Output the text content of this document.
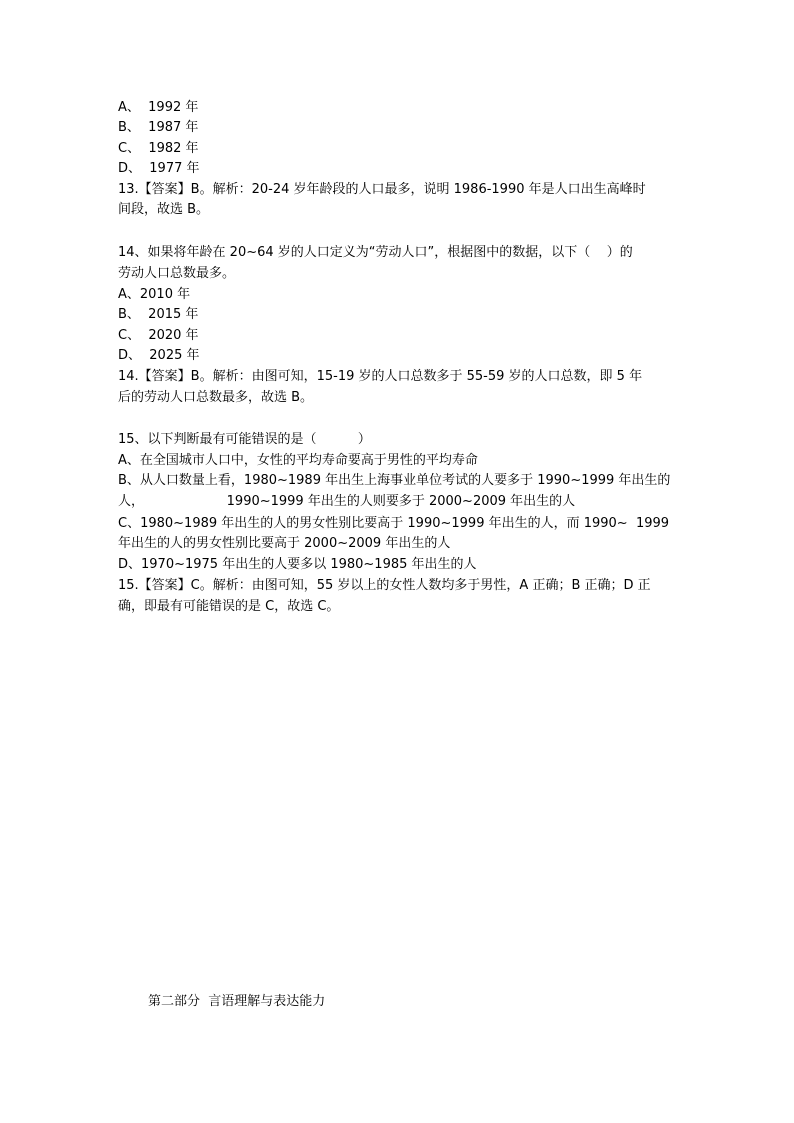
A、  1992 年
B、  1987 年
C、  1982 年
D、  1977 年
13.【答案】B。解析：20-24 岁年龄段的人口最多，说明 1986-1990 年是人口出生高峰时
间段，故选 B。
14、如果将年龄在 20~64 岁的人口定义为“劳动人口”，根据图中的数据，以下（    ）的
劳动人口总数最多。
A、2010 年
B、  2015 年
C、  2020 年
D、  2025 年
14.【答案】B。解析：由图可知，15-19 岁的人口总数多于 55-59 岁的人口总数，即 5 年
后的劳动人口总数最多，故选 B。
15、以下判断最有可能错误的是（          ）
A、在全国城市人口中，女性的平均寿命要高于男性的平均寿命
B、从人口数量上看，1980~1989 年出生上海事业单位考试的人要多于 1990~1999 年出生的
人，                    1990~1999 年出生的人则要多于 2000~2009 年出生的人
C、1980~1989 年出生的人的男女性别比要高于 1990~1999 年出生的人，而 1990~  1999
年出生的人的男女性别比要高于 2000~2009 年出生的人
D、1970~1975 年出生的人要多以 1980~1985 年出生的人
15.【答案】C。解析：由图可知，55 岁以上的女性人数均多于男性，A 正确；B 正确；D 正
确，即最有可能错误的是 C，故选 C。
第二部分  言语理解与表达能力
